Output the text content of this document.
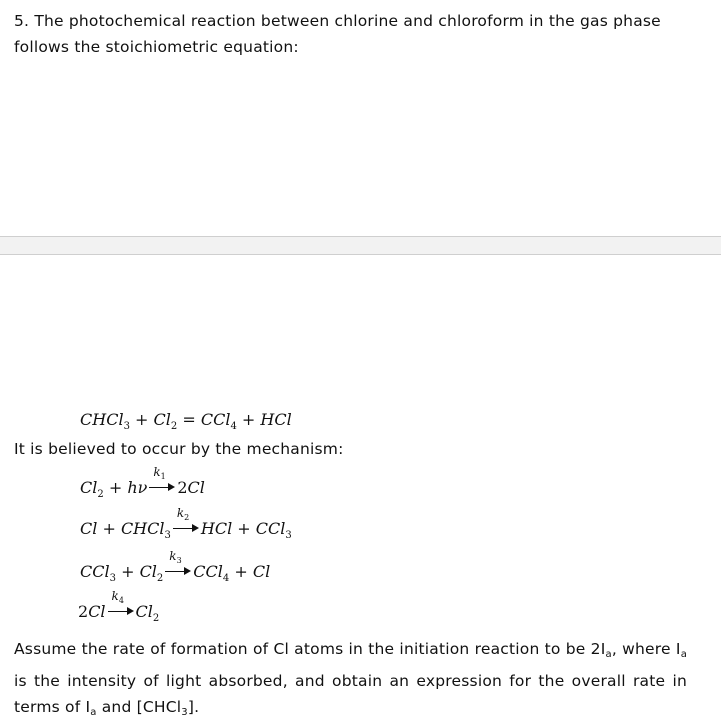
5. The photochemical reaction between chlorine and chloroform in the gas phase
follows the stoichiometric equation:

CHCl$_3$ + $Cl_2 = CCl_4$ + HCl

It is believed to occur by the mechanism:

$Cl_2 + h\nu$
$k_1$
2Cl
Cl + CHCl$_3$
$k_2$
HCl + CCl$_3$
$CCl_3 + Cl_2$
$k_3$
CCl$_4$ + Cl
2Cl
$k_4$
$Cl_2$

Assume the rate of formation of Cl atoms in the initiation reaction to be $2I_a$, where $I_a$ is the intensity of light absorbed, and obtain an expression for the overall rate in terms of $I_a$ and [CHCl$_3$].
